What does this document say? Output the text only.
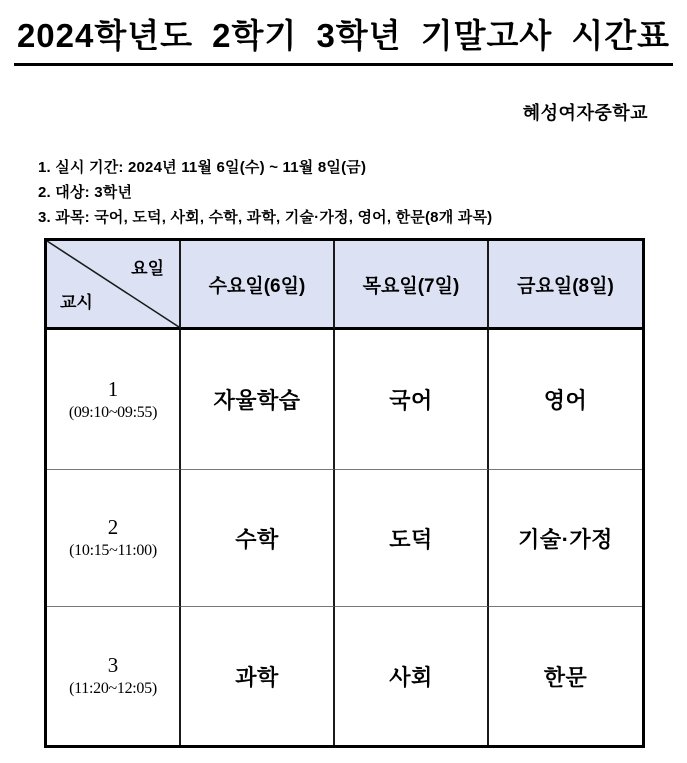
2024학년도 2학기 3학년 기말고사 시간표
혜성여자중학교
1. 실시 기간: 2024년 11월 6일(수) ~ 11월 8일(금)
2. 대상: 3학년
3. 과목: 국어, 도덕, 사회, 수학, 과학, 기술·가정, 영어, 한문(8개 과목)
요일
교시
수요일(6일)	목요일(7일)	금요일(8일)
1
(09:10~09:55)	자율학습	국어	영어
2
(10:15~11:00)	수학	도덕	기술·가정
3
(11:20~12:05)	과학	사회	한문
